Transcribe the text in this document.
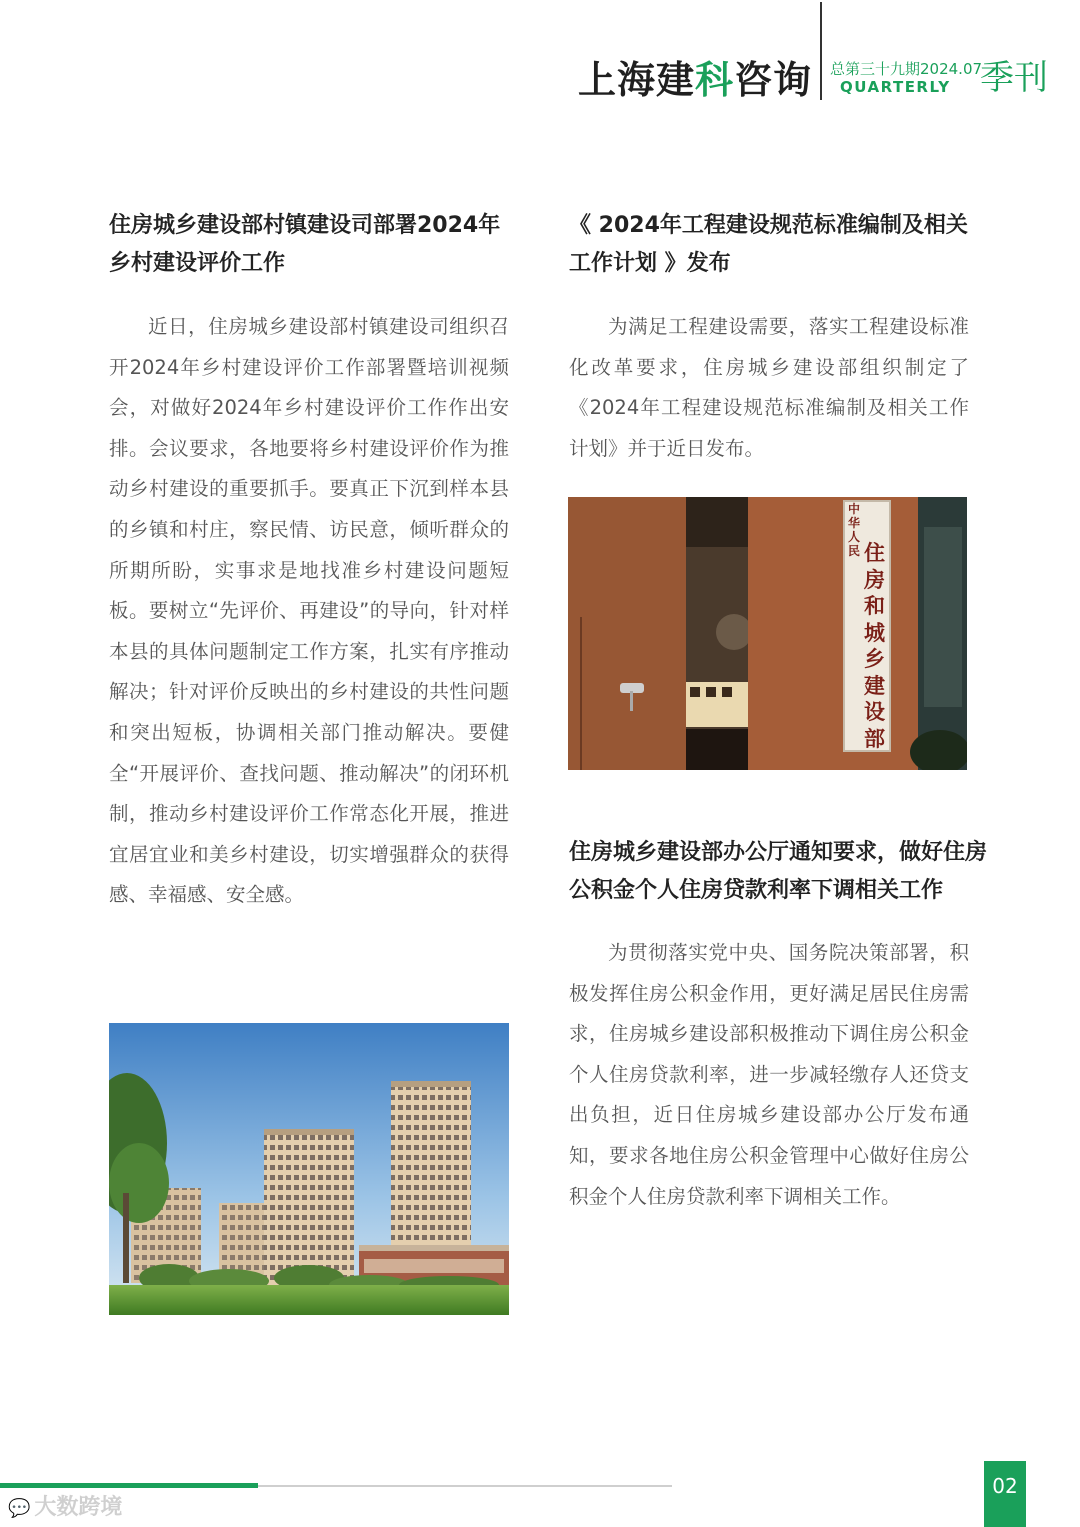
上海建科咨询 总第三十九期2024.07
QUARTERLY 季刊
住房城乡建设部村镇建设司部署2024年乡村建设评价工作

近日，住房城乡建设部村镇建设司组织召开2024年乡村建设评价工作部署暨培训视频会，对做好2024年乡村建设评价工作作出安排。会议要求，各地要将乡村建设评价作为推动乡村建设的重要抓手。要真正下沉到样本县的乡镇和村庄，察民情、访民意，倾听群众的所期所盼，实事求是地找准乡村建设问题短板。要树立“先评价、再建设”的导向，针对样本县的具体问题制定工作方案，扎实有序推动解决；针对评价反映出的乡村建设的共性问题和突出短板，协调相关部门推动解决。要健全“开展评价、查找问题、推动解决”的闭环机制，推动乡村建设评价工作常态化开展，推进宜居宜业和美乡村建设，切实增强群众的获得感、幸福感、安全感。

《 2024年工程建设规范标准编制及相关工作计划 》发布

为满足工程建设需要，落实工程建设标准化改革要求，住房城乡建设部组织制定了《2024年工程建设规范标准编制及相关工作计划》并于近日发布。

中华人民 住房和城乡建设部
住房城乡建设部办公厅通知要求，做好住房公积金个人住房贷款利率下调相关工作

为贯彻落实党中央、国务院决策部署，积极发挥住房公积金作用，更好满足居民住房需求，住房城乡建设部积极推动下调住房公积金个人住房贷款利率，进一步减轻缴存人还贷支出负担，近日住房城乡建设部办公厅发布通知，要求各地住房公积金管理中心做好住房公积金个人住房贷款利率下调相关工作。

02
💬 大数跨境
